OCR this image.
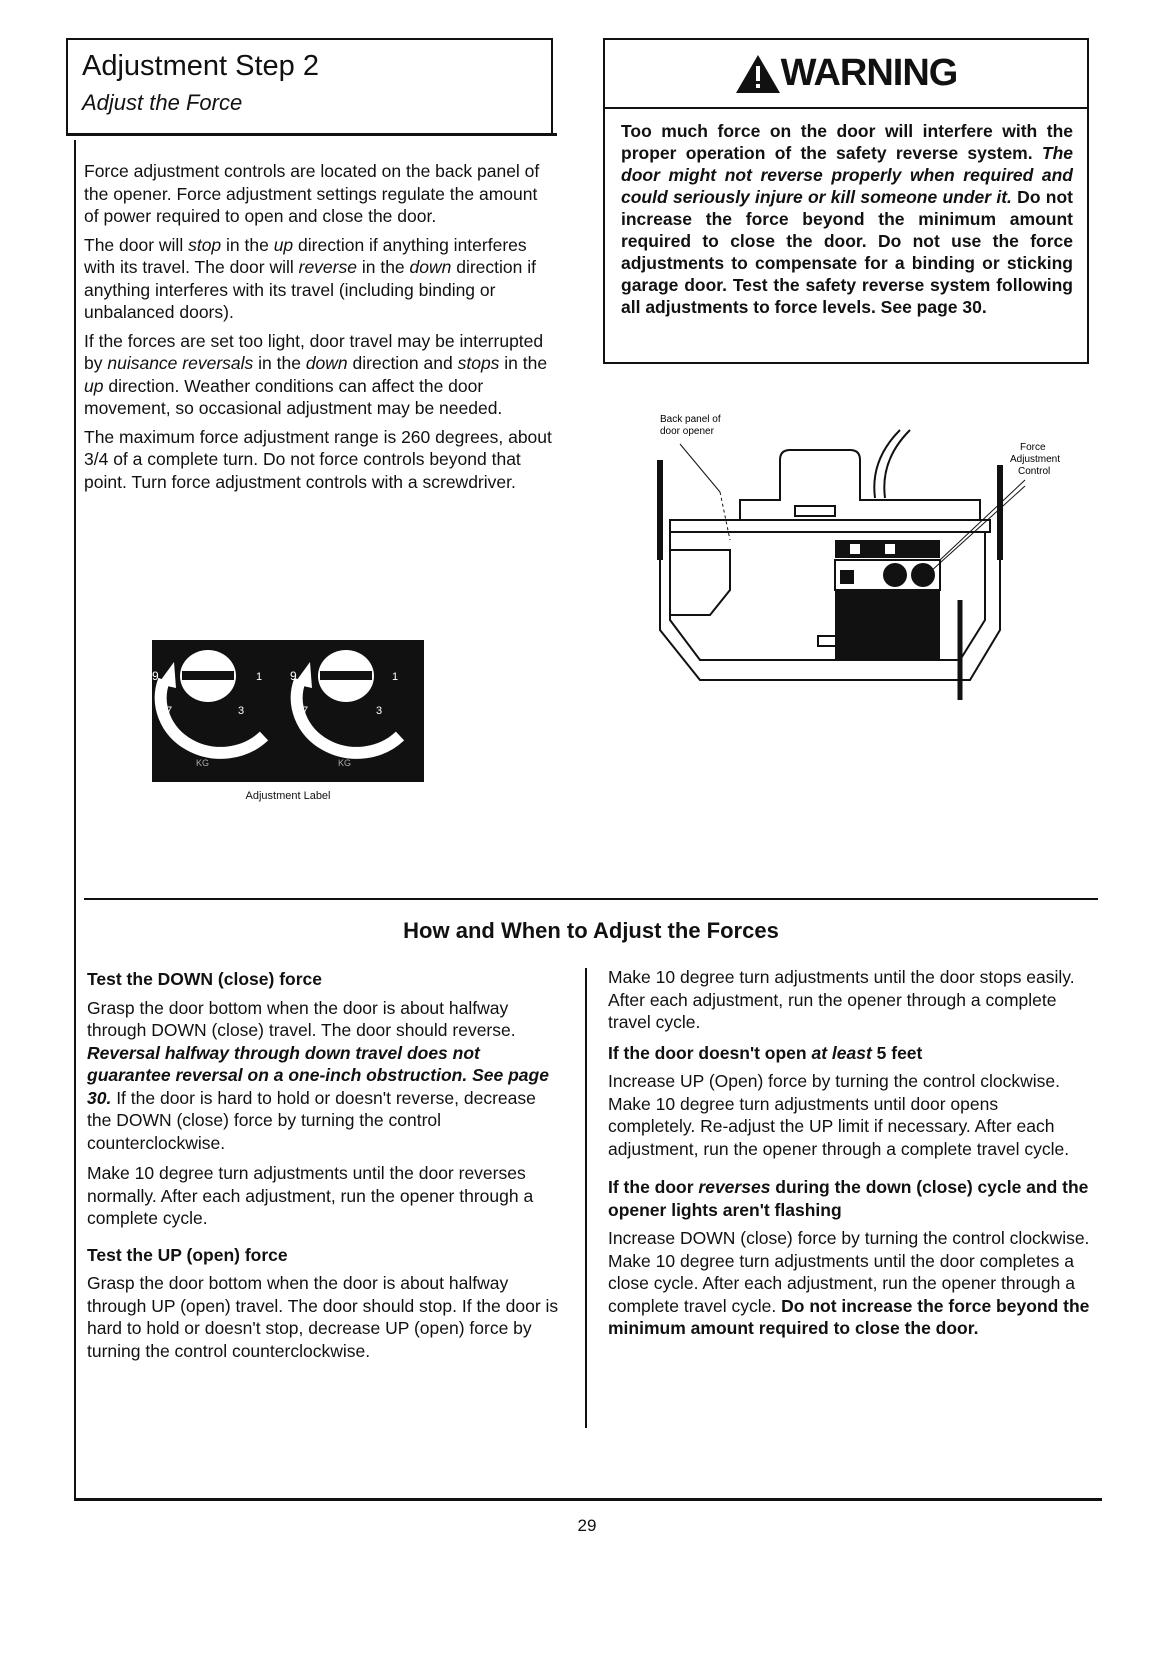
Adjustment Step 2
Adjust the Force

Force adjustment controls are located on the back panel of the opener. Force adjustment settings regulate the amount of power required to open and close the door.

The door will stop in the up direction if anything interferes with its travel. The door will reverse in the down direction if anything interferes with its travel (including binding or unbalanced doors).

If the forces are set too light, door travel may be interrupted by nuisance reversals in the down direction and stops in the up direction. Weather conditions can affect the door movement, so occasional adjustment may be needed.

The maximum force adjustment range is 260 degrees, about 3/4 of a complete turn. Do not force controls beyond that point. Turn force adjustment controls with a screwdriver.

9
7
5
3
1
KG
9
7
5
3
1
KG
Adjustment Label
WARNING
Too much force on the door will interfere with the proper operation of the safety reverse system. The door might not reverse properly when required and could seriously injure or kill someone under it. Do not increase the force beyond the minimum amount required to close the door. Do not use the force adjustments to compensate for a binding or sticking garage door. Test the safety reverse system following all adjustments to force levels. See page 30.
Back panel of
door opener
Force
Adjustment
Control
How and When to Adjust the Forces
Test the DOWN (close) force

Grasp the door bottom when the door is about halfway through DOWN (close) travel. The door should reverse. Reversal halfway through down travel does not guarantee reversal on a one-inch obstruction. See page 30. If the door is hard to hold or doesn't reverse, decrease the DOWN (close) force by turning the control counterclockwise.

Make 10 degree turn adjustments until the door reverses normally. After each adjustment, run the opener through a complete cycle.

Test the UP (open) force

Grasp the door bottom when the door is about halfway through UP (open) travel. The door should stop. If the door is hard to hold or doesn't stop, decrease UP (open) force by turning the control counterclockwise.

Make 10 degree turn adjustments until the door stops easily. After each adjustment, run the opener through a complete travel cycle.

If the door doesn't open at least 5 feet

Increase UP (Open) force by turning the control clockwise. Make 10 degree turn adjustments until door opens completely. Re-adjust the UP limit if necessary. After each adjustment, run the opener through a complete travel cycle.

If the door reverses during the down (close) cycle and the opener lights aren't flashing

Increase DOWN (close) force by turning the control clockwise. Make 10 degree turn adjustments until the door completes a close cycle. After each adjustment, run the opener through a complete travel cycle. Do not increase the force beyond the minimum amount required to close the door.

29
